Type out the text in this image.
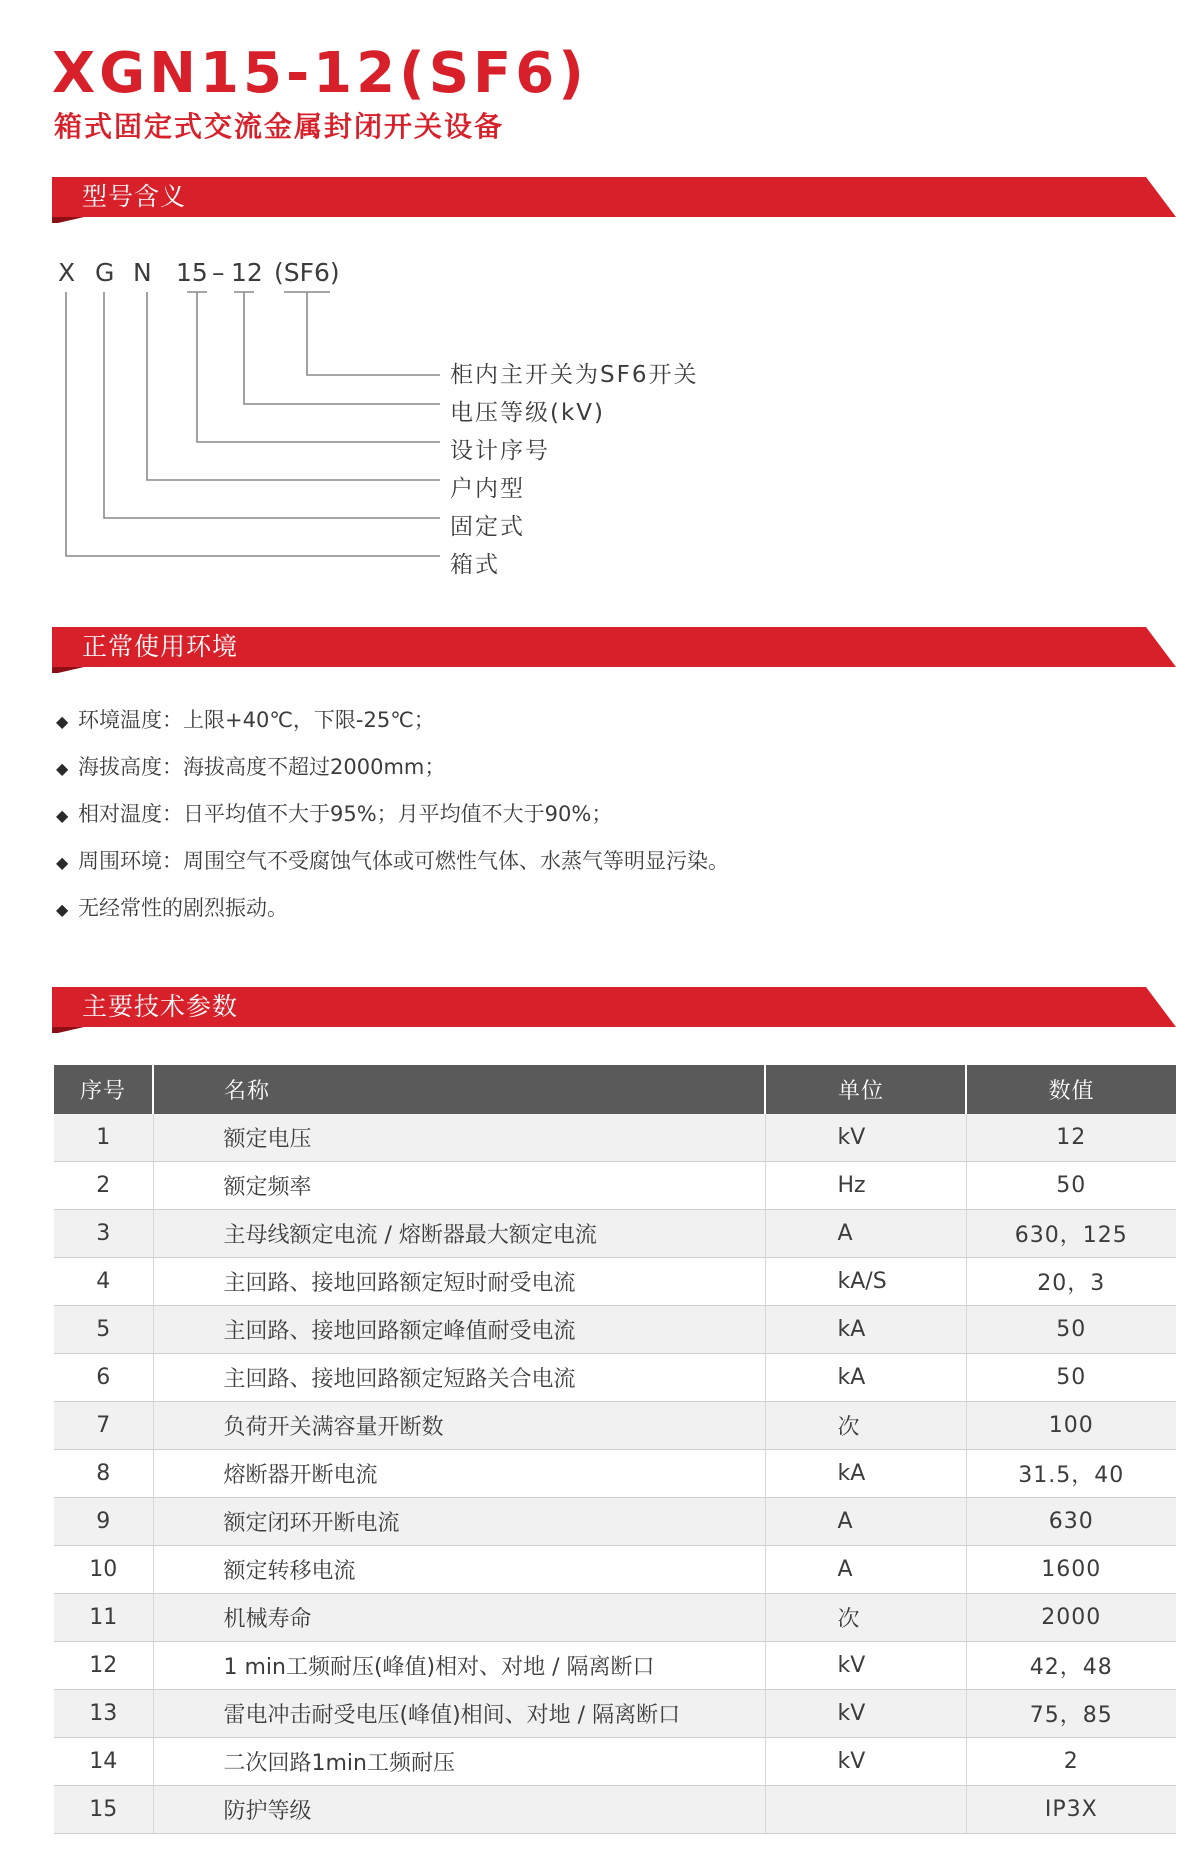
XGN15-12(SF6)
箱式固定式交流金属封闭开关设备
型号含义
X G N 15 – 12 (SF6)
柜内主开关为SF6开关
电压等级(kV)
设计序号
户内型
固定式
箱式
正常使用环境
◆ 环境温度：上限+40℃，下限-25℃；
◆ 海拔高度：海拔高度不超过2000mm；
◆ 相对温度：日平均值不大于95%；月平均值不大于90%；
◆ 周围环境：周围空气不受腐蚀气体或可燃性气体、水蒸气等明显污染。
◆ 无经常性的剧烈振动。
主要技术参数
序号	名称	单位	数值
1	额定电压	kV	12
2	额定频率	Hz	50
3	主母线额定电流 / 熔断器最大额定电流	A	630，125
4	主回路、接地回路额定短时耐受电流	kA/S	20，3
5	主回路、接地回路额定峰值耐受电流	kA	50
6	主回路、接地回路额定短路关合电流	kA	50
7	负荷开关满容量开断数	次	100
8	熔断器开断电流	kA	31.5，40
9	额定闭环开断电流	A	630
10	额定转移电流	A	1600
11	机械寿命	次	2000
12	1 min工频耐压(峰值)相对、对地 / 隔离断口	kV	42，48
13	雷电冲击耐受电压(峰值)相间、对地 / 隔离断口	kV	75，85
14	二次回路1min工频耐压	kV	2
15	防护等级		IP3X
